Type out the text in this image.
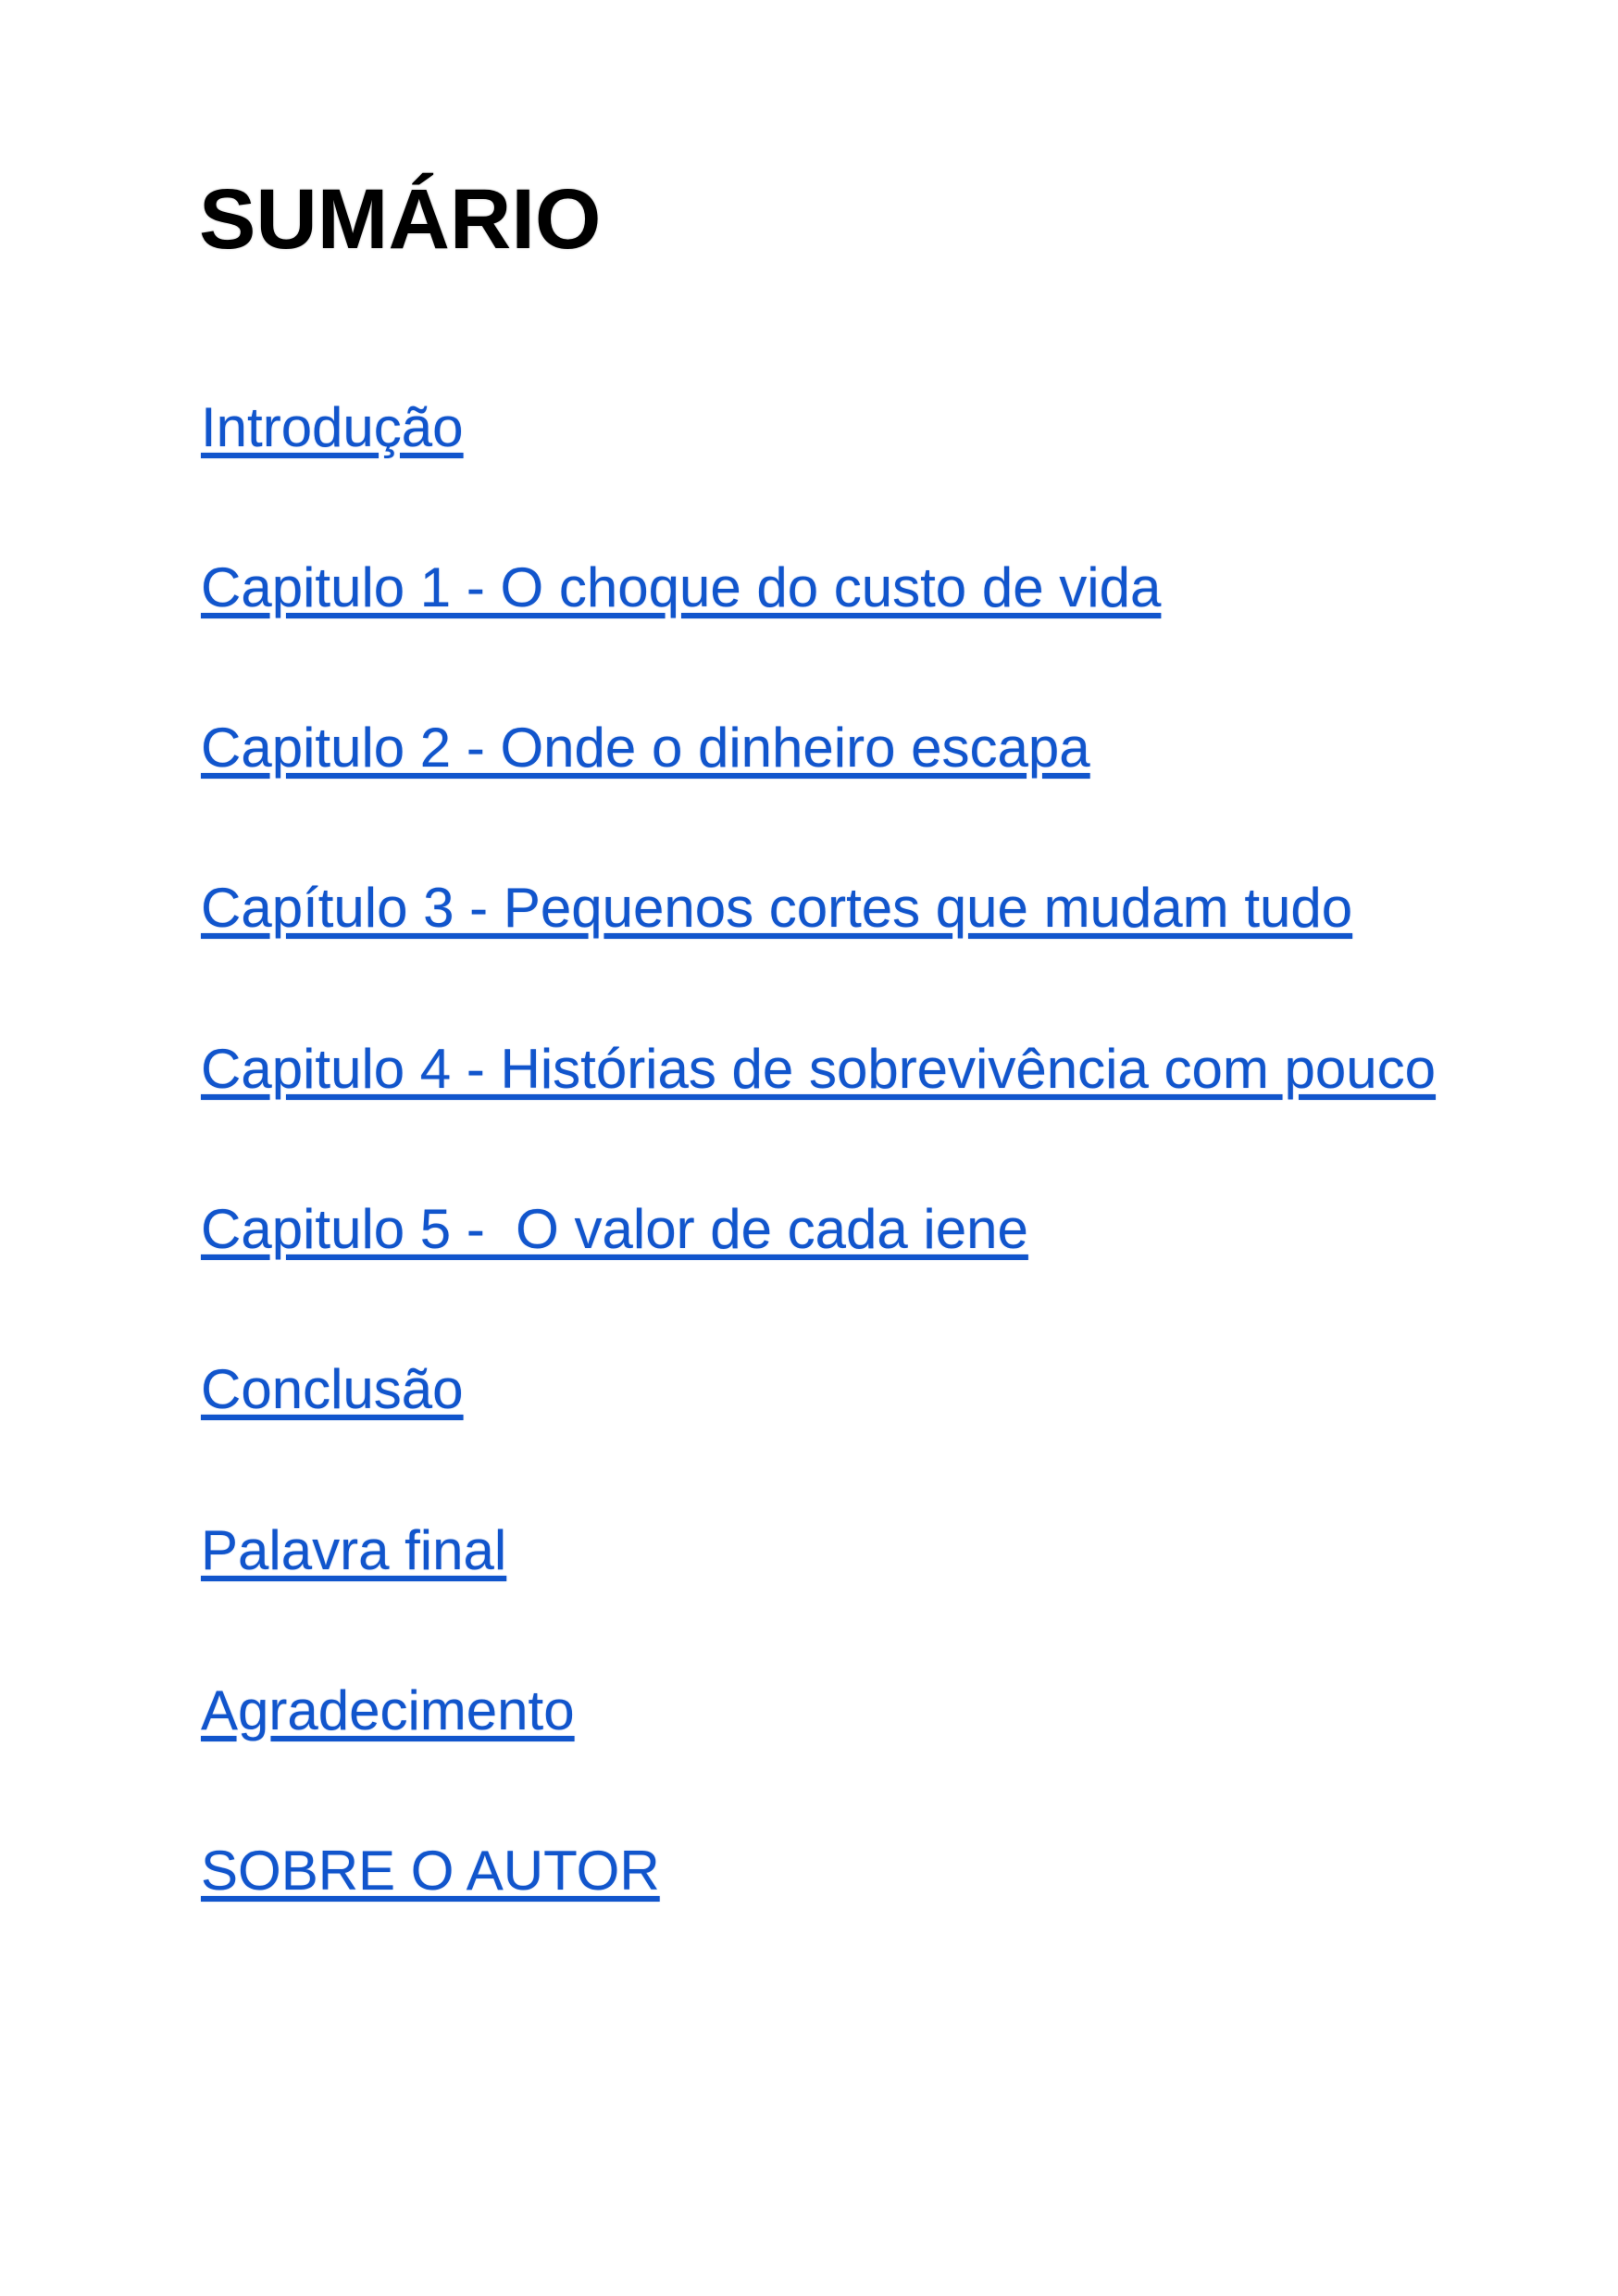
SUMÁRIO
Introdução
Capitulo 1 - O choque do custo de vida
Capitulo 2 - Onde o dinheiro escapa
Capítulo 3 - Pequenos cortes que mudam tudo
Capitulo 4 - Histórias de sobrevivência com pouco
Capitulo 5 -  O valor de cada iene
Conclusão
Palavra final
Agradecimento
SOBRE O AUTOR
